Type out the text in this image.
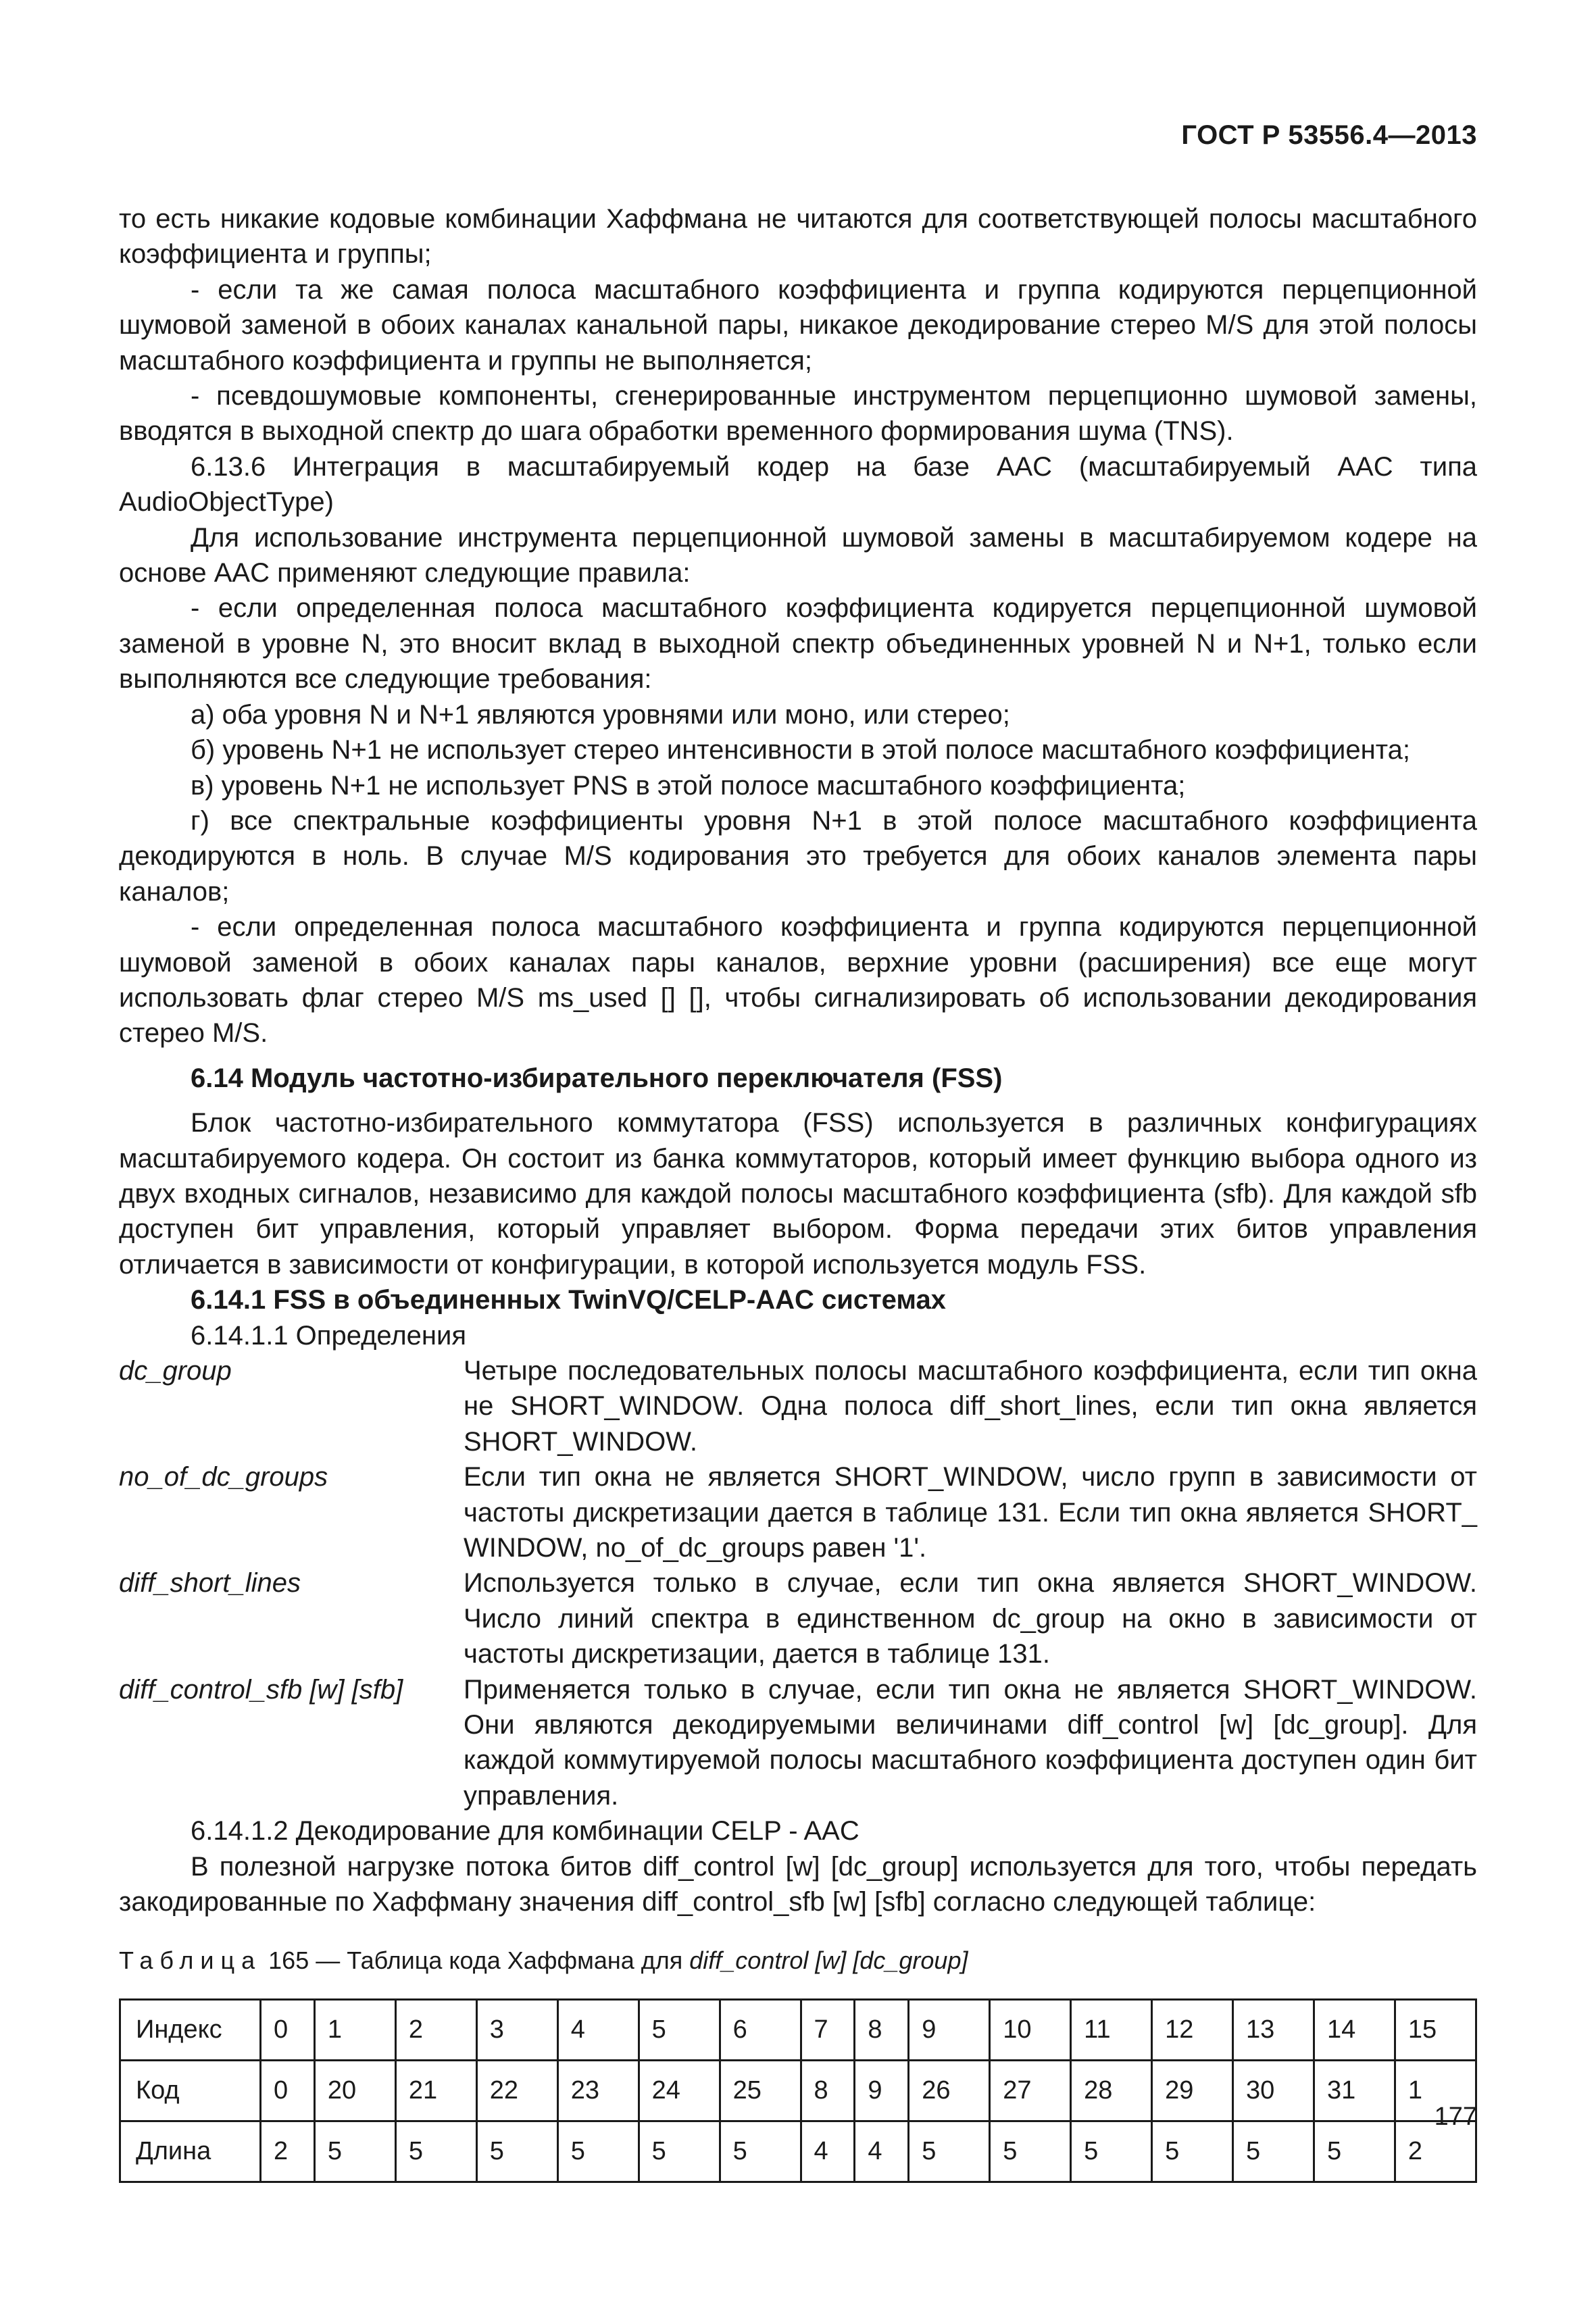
ГОСТ Р 53556.4—2013

то есть никакие кодовые комбинации Хаффмана не читаются для соответствующей полосы масштабного коэффициента и группы;

- если та же самая полоса масштабного коэффициента и группа кодируются перцепционной шумовой заменой в обоих каналах канальной пары, никакое декодирование стерео M/S для этой полосы масштабного коэффициента и группы не выполняется;

- псевдошумовые компоненты, сгенерированные инструментом перцепционно шумовой замены, вводятся в выходной спектр до шага обработки временного формирования шума (TNS).

6.13.6 Интеграция в масштабируемый кодер на базе AAC (масштабируемый AAC типа AudioObjectType)

Для использование инструмента перцепционной шумовой замены в масштабируемом кодере на основе AAC применяют следующие правила:

- если определенная полоса масштабного коэффициента кодируется перцепционной шумовой заменой в уровне N, это вносит вклад в выходной спектр объединенных уровней N и N+1, только если выполняются все следующие требования:

а) оба уровня N и N+1 являются уровнями или моно, или стерео;

б) уровень N+1 не использует стерео интенсивности в этой полосе масштабного коэффициента;

в) уровень N+1 не использует PNS в этой полосе масштабного коэффициента;

г) все спектральные коэффициенты уровня N+1 в этой полосе масштабного коэффициента декодируются в ноль. В случае M/S кодирования это требуется для обоих каналов элемента пары каналов;

- если определенная полоса масштабного коэффициента и группа кодируются перцепционной шумовой заменой в обоих каналах пары каналов, верхние уровни (расширения) все еще могут использовать флаг стерео M/S ms_used [] [], чтобы сигнализировать об использовании декодирования стерео M/S.

6.14 Модуль частотно-избирательного переключателя (FSS)

Блок частотно-избирательного коммутатора (FSS) используется в различных конфигурациях масштабируемого кодера. Он состоит из банка коммутаторов, который имеет функцию выбора одного из двух входных сигналов, независимо для каждой полосы масштабного коэффициента (sfb). Для каждой sfb доступен бит управления, который управляет выбором. Форма передачи этих битов управления отличается в зависимости от конфигурации, в которой используется модуль FSS.

6.14.1 FSS в объединенных TwinVQ/CELP-AAC системах

6.14.1.1 Определения

dc_group	Четыре последовательных полосы масштабного коэффициента, если тип окна не SHORT_WINDOW. Одна полоса diff_short_lines, если тип окна является SHORT_WINDOW.
no_of_dc_groups	Если тип окна не является SHORT_WINDOW, число групп в зависимости от частоты дискретизации дается в таблице 131. Если тип окна является SHORT_ WINDOW, no_of_dc_groups равен '1'.
diff_short_lines	Используется только в случае, если тип окна является SHORT_WINDOW. Число линий спектра в единственном dc_group на окно в зависимости от частоты дискретизации, дается в таблице 131.
diff_control_sfb [w] [sfb]	Применяется только в случае, если тип окна не является SHORT_WINDOW. Они являются декодируемыми величинами diff_control [w] [dc_group]. Для каждой коммутируемой полосы масштабного коэффициента доступен один бит управления.

6.14.1.2 Декодирование для комбинации CELP - AAC

В полезной нагрузке потока битов diff_control [w] [dc_group] используется для того, чтобы передать закодированные по Хаффману значения diff_control_sfb [w] [sfb] согласно следующей таблице:

Таблица 165 — Таблица кода Хаффмана для diff_control [w] [dc_group]
Индекс	0	1	2	3	4	5	6	7	8	9	10	11	12	13	14	15
Код	0	20	21	22	23	24	25	8	9	26	27	28	29	30	31	1
Длина	2	5	5	5	5	5	5	4	4	5	5	5	5	5	5	2
177
